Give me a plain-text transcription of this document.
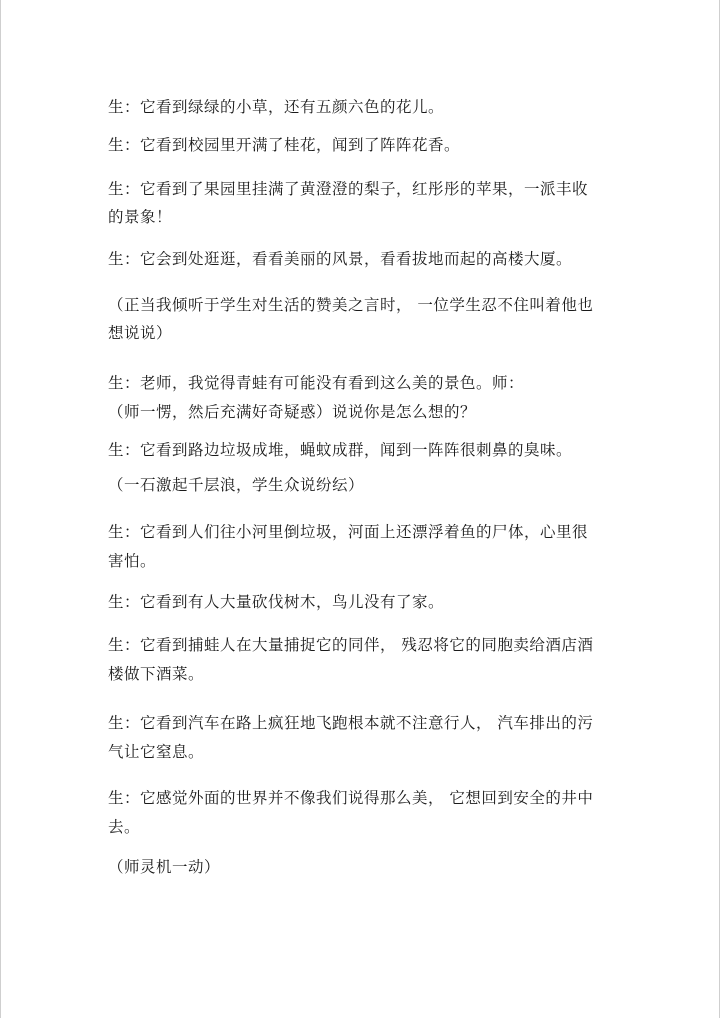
生：它看到绿绿的小草，还有五颜六色的花儿。
生：它看到校园里开满了桂花，闻到了阵阵花香。
生：它看到了果园里挂满了黄澄澄的梨子，红彤彤的苹果，一派丰收
的景象！
生：它会到处逛逛，看看美丽的风景，看看拔地而起的高楼大厦。
（正当我倾听于学生对生活的赞美之言时， 一位学生忍不住叫着他也
想说说）
生：老师，我觉得青蛙有可能没有看到这么美的景色。师：
（师一愣，然后充满好奇疑惑）说说你是怎么想的？
生：它看到路边垃圾成堆，蝇蚊成群，闻到一阵阵很刺鼻的臭味。
（一石激起千层浪，学生众说纷纭）
生：它看到人们往小河里倒垃圾，河面上还漂浮着鱼的尸体，心里很
害怕。
生：它看到有人大量砍伐树木，鸟儿没有了家。
生：它看到捕蛙人在大量捕捉它的同伴， 残忍将它的同胞卖给酒店酒
楼做下酒菜。
生：它看到汽车在路上疯狂地飞跑根本就不注意行人， 汽车排出的污
气让它窒息。
生：它感觉外面的世界并不像我们说得那么美， 它想回到安全的井中
去。
（师灵机一动）
